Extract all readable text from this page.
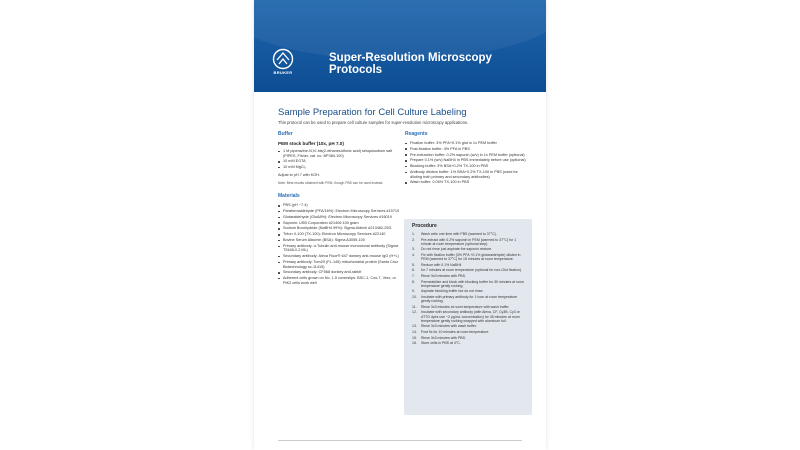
BRUKER
Super-Resolution Microscopy Protocols
Sample Preparation for Cell Culture Labeling
This protocol can be used to prepare cell culture samples for super-resolution microscopy applications.
Buffer
PEM stock buffer (10x, pH 7.0)
1 M piperazine-N,N'-bis(2-ethanesulfonic acid) sesquisodium salt (PIPES, Fisher, cat. no. BP384-100)
10 mM EGTA
10 mM MgCl₂
Adjust to pH 7 with KOH.
Note: Best results obtained with PEM, though PBS can be used instead.
Materials
PBS (pH ~7.4)
Paraformaldehyde (PFA/16%): Electron Microscopy Services #15710
Glutaraldehyde (GluA8%): Electron Microscopy Services #16019
Saponin: USB Corporation #21406 100 gram
Sodium Borohydride (NaBH4 99%): Sigma Aldrich #213462-25G
Triton X-100 (TX-100): Electron Microscopy Services #22140
Bovine Serum Albumin (BSA): Sigma A3059-100
Primary antibody: α-Tubulin anti-mouse monoclonal antibody (Sigma T5168-0.2 ML)
Secondary antibody: Alexa Fluor® 647 donkey anti-mouse IgG (H+L)
Primary antibody: Tom20 (FL-145) mitochondrial protein (Santa Cruz Biotechnology sc-11415)
Secondary antibody: CF568 donkey anti-rabbit
Adherent cells grown on No. 1.5 coverslips: BSC-1, Cos-7, Vero, or PtK2 cells work well
Reagents
Fixation buffer: 3% PFA+0.1% glut in 1x PEM buffer
Post-fixation buffer: 4% PFA in PBS
Pre-extraction buffer: 0.2% saponin (w/v) in 1x PEM buffer (optional)
Prepare 0.1% (w/v) NaBH4 in PBS immediately before use (optional)
Blocking buffer: 3% BSA+0.2% TX-100 in PBS
Antibody dilution buffer: 1% BSA+0.2% TX-100 in PBS (used for diluting both primary and secondary antibodies)
Wash buffer: 0.05% TX-100 in PBS
Procedure
1.	Wash cells one time with PBS (warmed to 37°C).
2.	Pre-extract with 0.2% saponin in PEM (warmed to 37°C) for 1 minute at room temperature (optional step).
3.	Do not rinse just aspirate the saponin mixture.
4.	Fix with fixation buffer (3% PFA +0.1% glutaraldehyde) diluted in PEM (warmed to 37°C) for 15 minutes at room temperature.
5.	Reduce with 0.1% NaBH4
6.	for 7 minutes at room temperature (optional for non-Glut fixation).
7.	Rinse 3x3 minutes with PBS.
8.	Permeabilize and block with blocking buffer for 30 minutes at room temperature gently rocking.
9.	Aspirate blocking buffer but do not rinse.
10.	Incubate with primary antibody for 1 hour at room temperature gently rocking.
11.	Rinse 3x3 minutes at room temperature with wash buffer.
12.	Incubate with secondary antibody (with Alexa, CF, Cy3B, Cy3 or ATTO dyes use ~2 μg/mL concentration) for 45 minutes at room temperature gently rocking wrapped with aluminum foil.
13.	Rinse 3x3 minutes with wash buffer.
14.	Post fix for 10 minutes at room temperature.
15.	Rinse 3x3 minutes with PBS.
16.	Store cells in PBS at 4°C.
